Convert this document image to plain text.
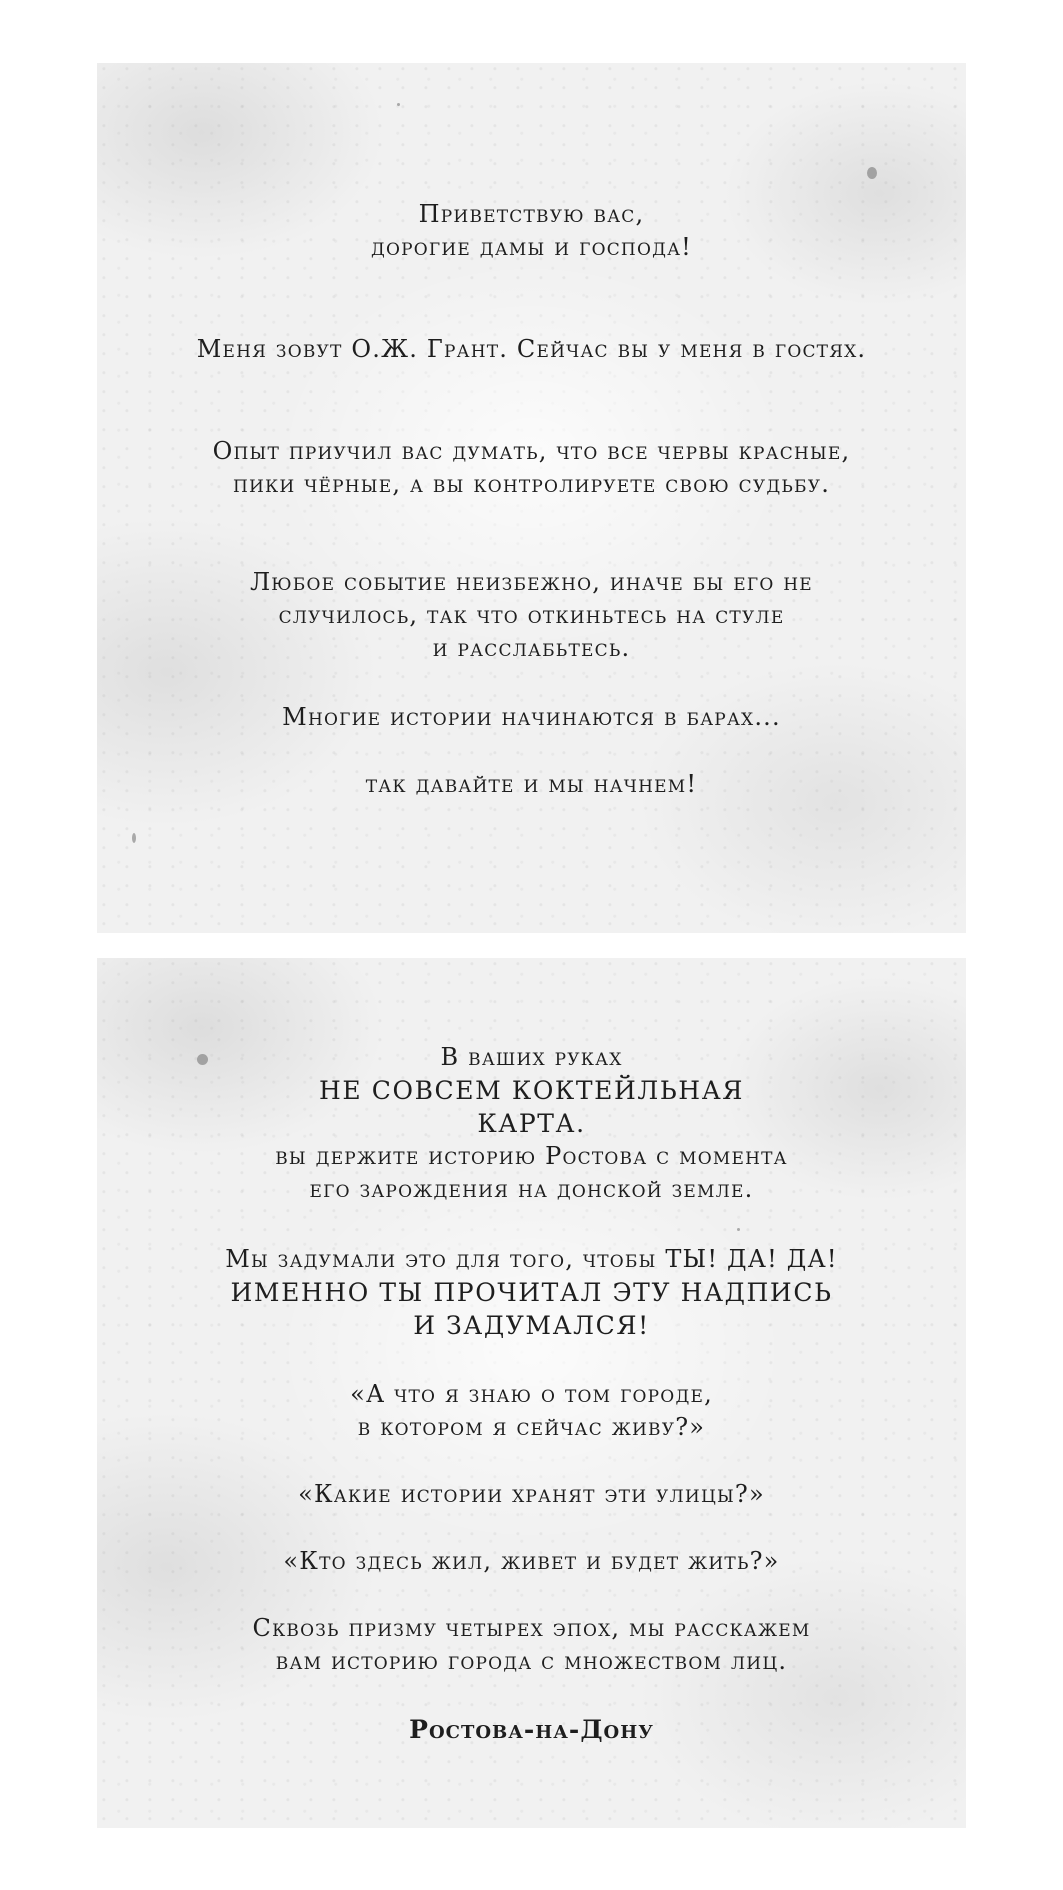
Приветствую вас,
дорогие дамы и господа!

Меня зовут О.Ж. Грант. Сейчас вы у меня в гостях.

Опыт приучил вас думать, что все червы красные,
пики чёрные, а вы контролируете свою судьбу.

Любое событие неизбежно, иначе бы его не
случилось, так что откиньтесь на стуле
и расслабьтесь.

Многие истории начинаются в барах...

так давайте и мы начнем!

В ваших руках
НЕ СОВСЕМ КОКТЕЙЛЬНАЯ
КАРТА.
вы держите историю Ростова с момента
его зарождения на донской земле.
Мы задумали это для того, чтобы ТЫ! ДА! ДА!
ИМЕННО ТЫ ПРОЧИТАЛ ЭТУ НАДПИСЬ
И ЗАДУМАЛСЯ!

«А что я знаю о том городе,
в котором я сейчас живу?»

«Какие истории хранят эти улицы?»

«Кто здесь жил, живет и будет жить?»

Сквозь призму четырех эпох, мы расскажем
вам историю города с множеством лиц.

Ростова-на-Дону
